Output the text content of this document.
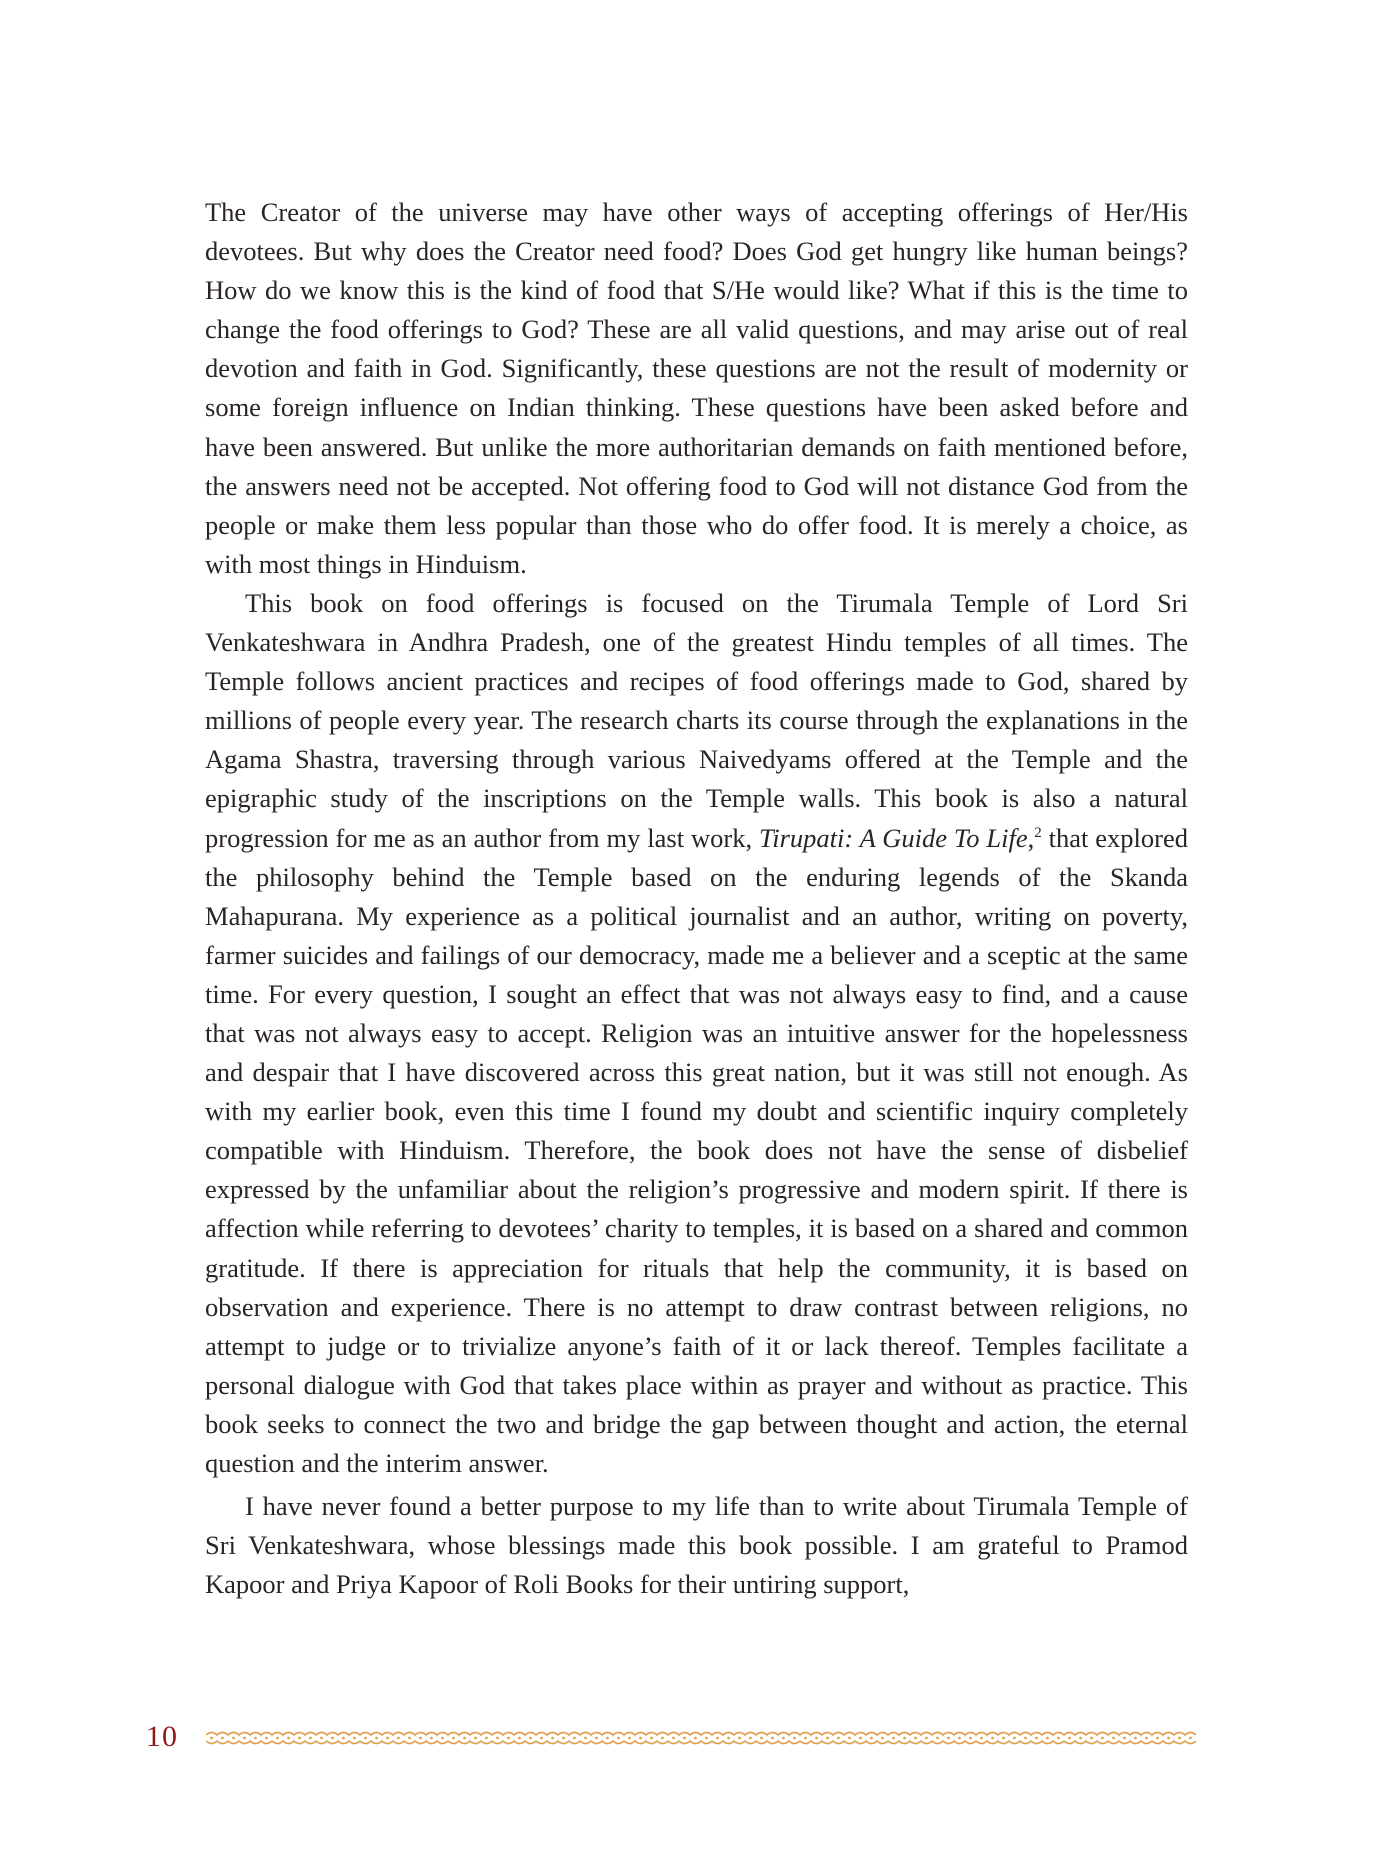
The Creator of the universe may have other ways of accepting offerings of Her/His devotees. But why does the Creator need food? Does God get hungry like human beings? How do we know this is the kind of food that S/He would like? What if this is the time to change the food offerings to God? These are all valid questions, and may arise out of real devotion and faith in God. Significantly, these questions are not the result of modernity or some foreign influence on Indian thinking. These questions have been asked before and have been answered. But unlike the more authoritarian demands on faith mentioned before, the answers need not be accepted. Not offering food to God will not distance God from the people or make them less popular than those who do offer food. It is merely a choice, as with most things in Hinduism.

This book on food offerings is focused on the Tirumala Temple of Lord Sri Venkateshwara in Andhra Pradesh, one of the greatest Hindu temples of all times. The Temple follows ancient practices and recipes of food offerings made to God, shared by millions of people every year. The research charts its course through the explanations in the Agama Shastra, traversing through various Naivedyams offered at the Temple and the epigraphic study of the inscriptions on the Temple walls. This book is also a natural progression for me as an author from my last work, Tirupati: A Guide To Life,$^2$ that explored the philosophy behind the Temple based on the enduring legends of the Skanda Mahapurana. My experience as a political journalist and an author, writing on poverty, farmer suicides and failings of our democracy, made me a believer and a sceptic at the same time. For every question, I sought an effect that was not always easy to find, and a cause that was not always easy to accept. Religion was an intuitive answer for the hopelessness and despair that I have discovered across this great nation, but it was still not enough. As with my earlier book, even this time I found my doubt and scientific inquiry completely compatible with Hinduism. Therefore, the book does not have the sense of disbelief expressed by the unfamiliar about the religion’s progressive and modern spirit. If there is affection while referring to devotees’ charity to temples, it is based on a shared and common gratitude. If there is appreciation for rituals that help the community, it is based on observation and experience. There is no attempt to draw contrast between religions, no attempt to judge or to trivialize anyone’s faith of it or lack thereof. Temples facilitate a personal dialogue with God that takes place within as prayer and without as practice. This book seeks to connect the two and bridge the gap between thought and action, the eternal question and the interim answer.

I have never found a better purpose to my life than to write about Tirumala Temple of Sri Venkateshwara, whose blessings made this book possible. I am grateful to Pramod Kapoor and Priya Kapoor of Roli Books for their untiring support,

10
